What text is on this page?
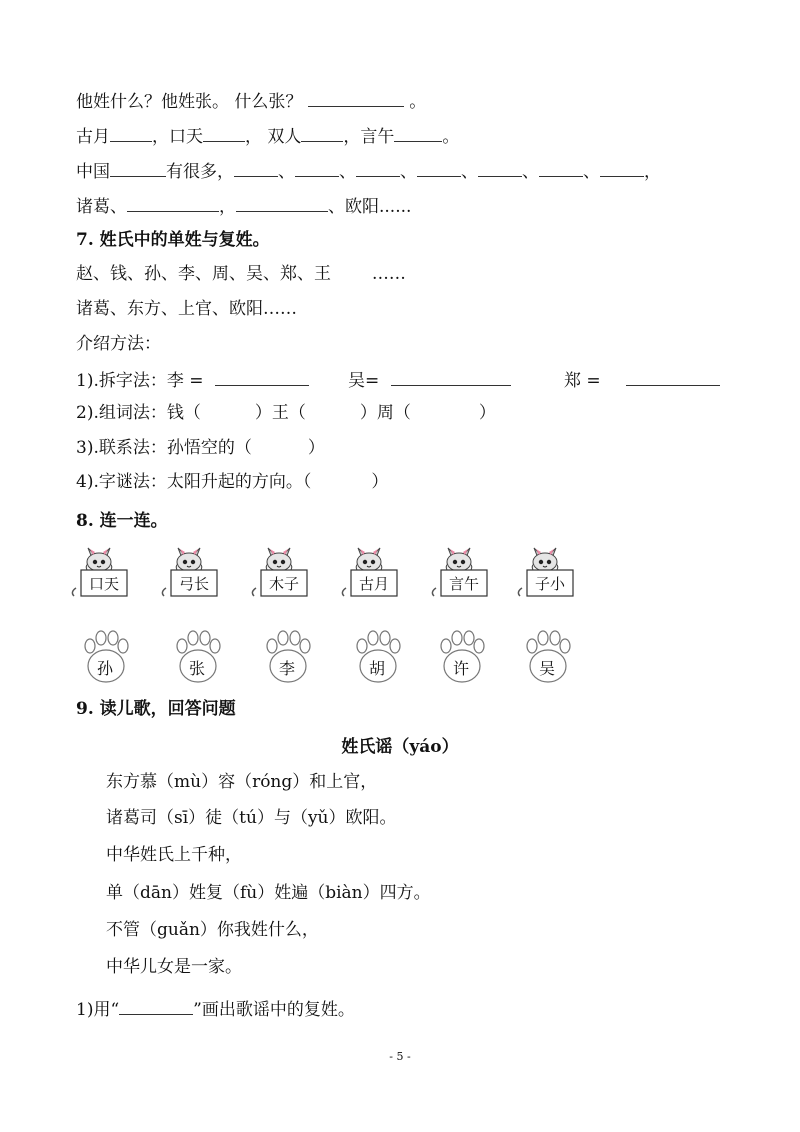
他姓什么？他姓张。 什么张？	。
古月 ，口天 ， 双人 ，言午	。
中国	有很多，	、	、	、	、	、	、	，
诸葛、	，	、欧阳......
7. 姓氏中的单姓与复姓。
赵、钱、孙、李、周、吴、郑、王 ……
诸葛、东方、上官、欧阳……
介绍方法：
1).拆字法：李 =	吴=	郑 =
2).组词法：钱（	）王（	）周（	）
3).联系法：孙悟空的（	）
4).字谜法：太阳升起的方向。（	）
8. 连一连。
口天	弓长	木子	古月	言午	子小
孙	张	李	胡	许	吴
9. 读儿歌，回答问题
姓氏谣（yáo）
东方慕（mù）容（róng）和上官，
诸葛司（sī）徒（tú）与（yǔ）欧阳。
中华姓氏上千种，
单（dān）姓复（fù）姓遍（biàn）四方。
不管（guǎn）你我姓什么，
中华儿女是一家。
1)用“	”画出歌谣中的复姓。
- 5 -
